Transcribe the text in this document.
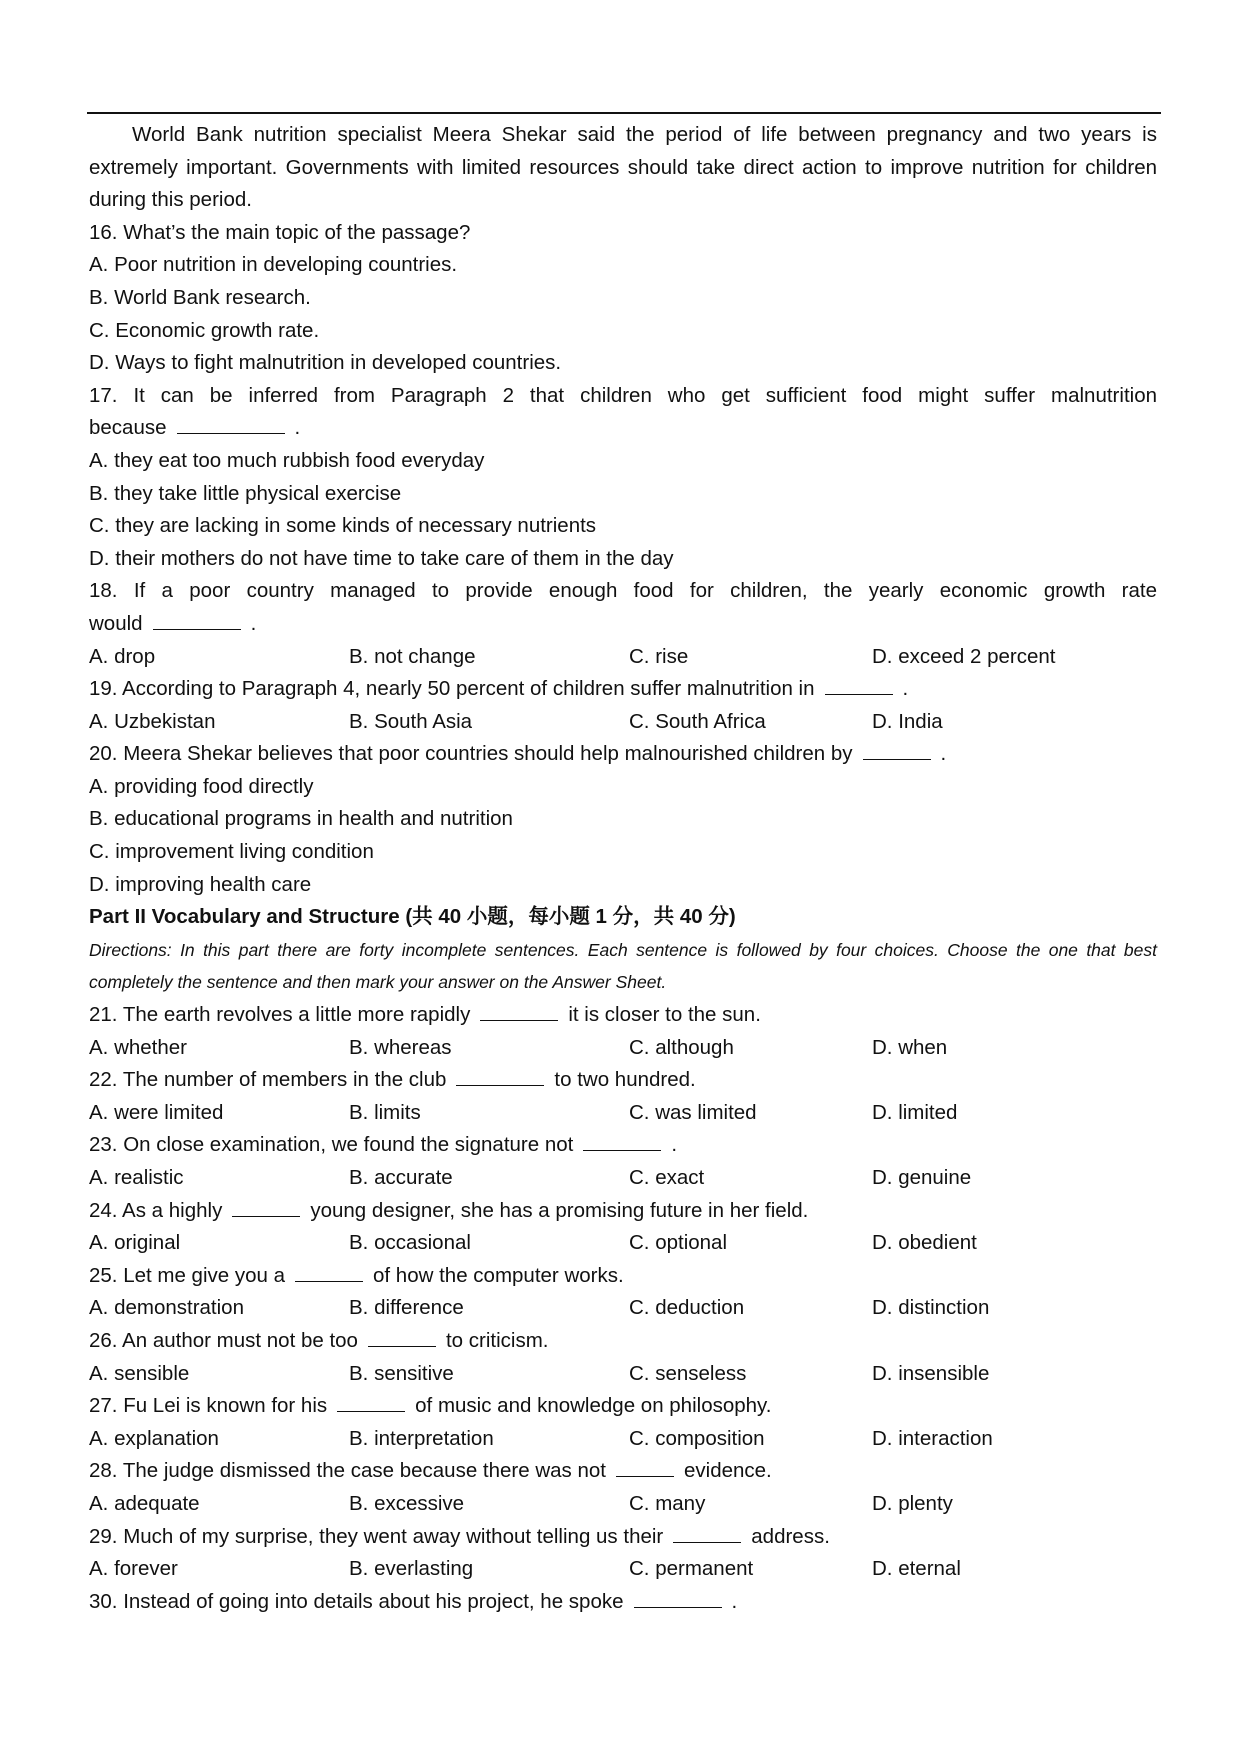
World Bank nutrition specialist Meera Shekar said the period of life between pregnancy and two years is extremely important. Governments with limited resources should take direct action to improve nutrition for children during this period.
16. What’s the main topic of the passage?
A. Poor nutrition in developing countries.
B. World Bank research.
C. Economic growth rate.
D. Ways to fight malnutrition in developed countries.
17. It can be inferred from Paragraph 2 that children who get sufficient food might suffer malnutrition
because	.
A. they eat too much rubbish food everyday
B. they take little physical exercise
C. they are lacking in some kinds of necessary nutrients
D. their mothers do not have time to take care of them in the day
18. If a poor country managed to provide enough food for children, the yearly economic growth rate
would	.
A. drop	B. not change	C. rise	D. exceed 2 percent
19. According to Paragraph 4, nearly 50 percent of children suffer malnutrition in	.
A. Uzbekistan	B. South Asia	C. South Africa	D. India
20. Meera Shekar believes that poor countries should help malnourished children by	.
A. providing food directly
B. educational programs in health and nutrition
C. improvement living condition
D. improving health care
Part II Vocabulary and Structure (共 40 小题，每小题 1 分，共 40 分)
Directions: In this part there are forty incomplete sentences. Each sentence is followed by four choices. Choose the one that best completely the sentence and then mark your answer on the Answer Sheet.
21. The earth revolves a little more rapidly	it is closer to the sun.
A. whether	B. whereas	C. although	D. when
22. The number of members in the club	to two hundred.
A. were limited	B. limits	C. was limited	D. limited
23. On close examination, we found the signature not	.
A. realistic	B. accurate	C. exact	D. genuine
24. As a highly	young designer, she has a promising future in her field.
A. original	B. occasional	C. optional	D. obedient
25. Let me give you a	of how the computer works.
A. demonstration	B. difference	C. deduction	D. distinction
26. An author must not be too	to criticism.
A. sensible	B. sensitive	C. senseless	D. insensible
27. Fu Lei is known for his	of music and knowledge on philosophy.
A. explanation	B. interpretation	C. composition	D. interaction
28. The judge dismissed the case because there was not	evidence.
A. adequate	B. excessive	C. many	D. plenty
29. Much of my surprise, they went away without telling us their	address.
A. forever	B. everlasting	C. permanent	D. eternal
30. Instead of going into details about his project, he spoke	.
